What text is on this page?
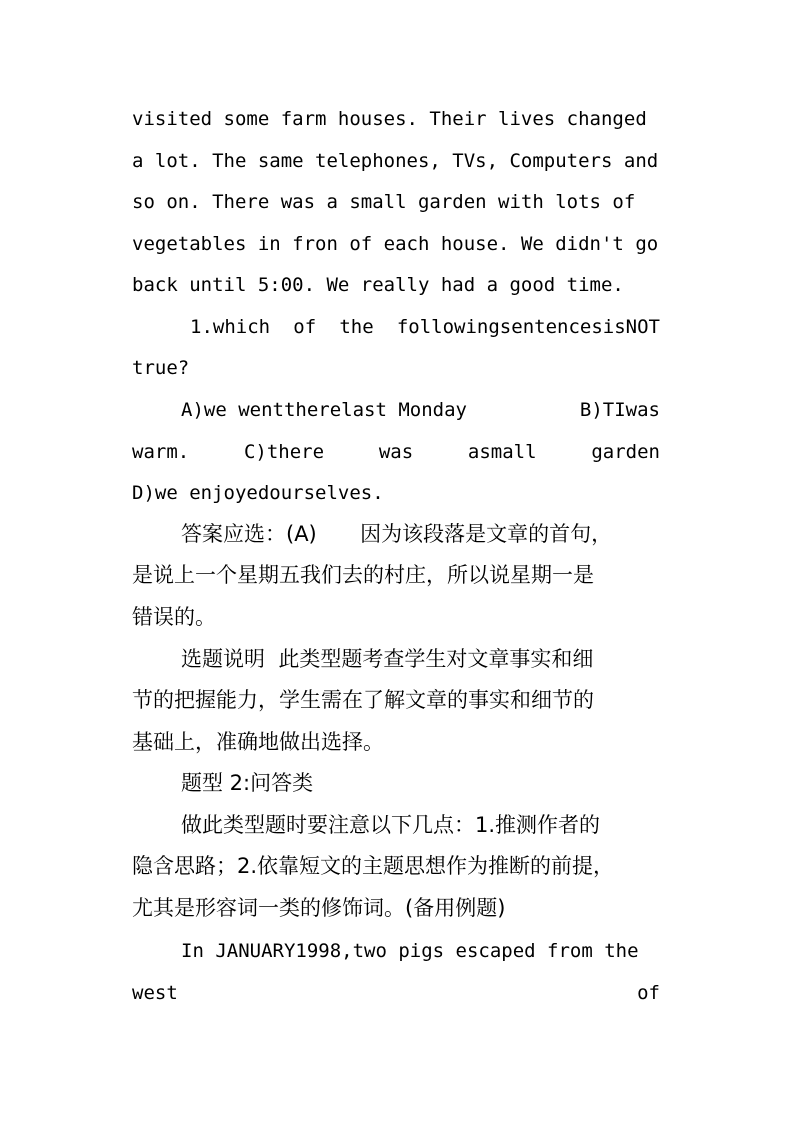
visited some farm houses. Their lives changed
a lot. The same telephones, TVs, Computers and
so on. There was a small garden with lots of
vegetables in fron of each house. We didn't go
back until 5:00. We really had a good time.
1.which of the followingsentencesisNOT
true?
A)we wenttherelast Monday	B)TIwas
warm.	C)there	was	asmall	garden
D)we enjoyedourselves.
答案应选：(A) 因为该段落是文章的首句，
是说上一个星期五我们去的村庄，所以说星期一是
错误的。
选题说明  此类型题考查学生对文章事实和细
节的把握能力，学生需在了解文章的事实和细节的
基础上，准确地做出选择。
题型 2:问答类
做此类型题时要注意以下几点：1.推测作者的
隐含思路；2.依靠短文的主题思想作为推断的前提，
尤其是形容词一类的修饰词。(备用例题)
In JANUARY1998,two pigs escaped from the
west	of
